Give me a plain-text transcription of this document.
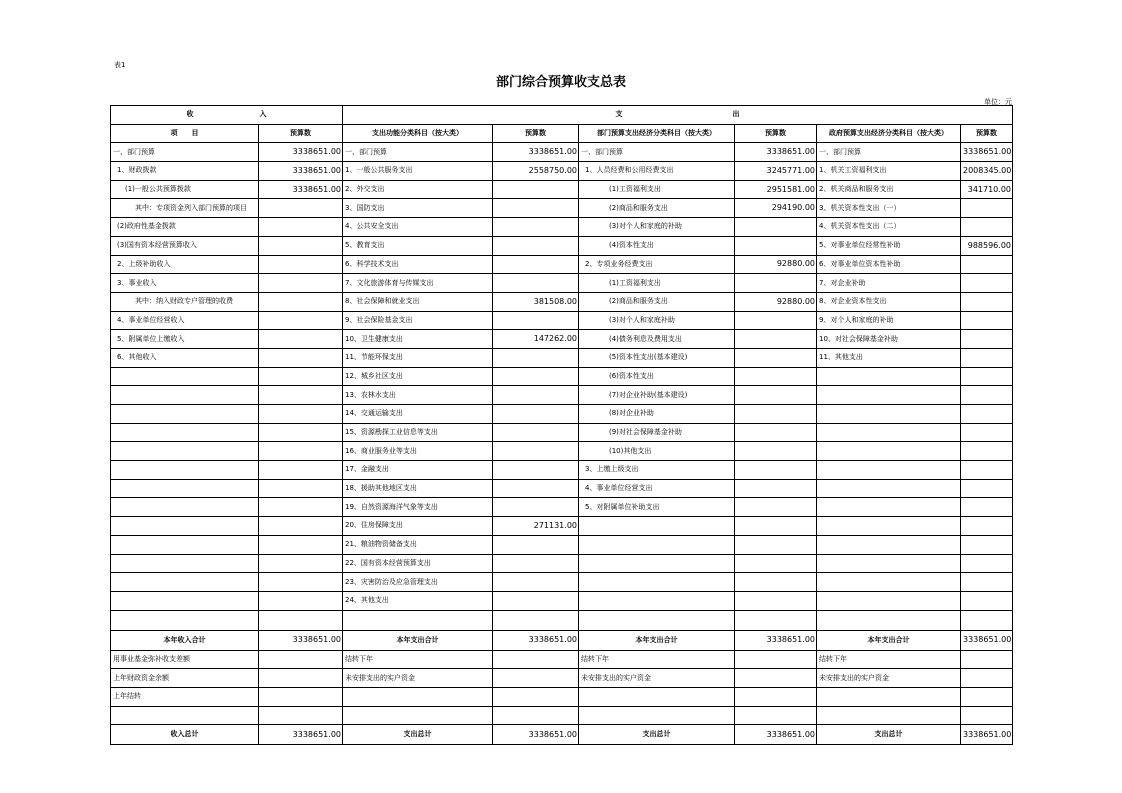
表1
部门综合预算收支总表
单位：元
收 入		支 出					
项　　目	预算数	支出功能分类科目（按大类）	预算数	部门预算支出经济分类科目（按大类）	预算数	政府预算支出经济分类科目（按大类）	预算数
一、部门预算	3338651.00	一、部门预算	3338651.00	一、部门预算	3338651.00	一、部门预算	3338651.00
1、财政拨款	3338651.00	1、一般公共服务支出	2558750.00	1、人员经费和公用经费支出	3245771.00	1、机关工资福利支出	2008345.00
(1)一般公共预算拨款	3338651.00	2、外交支出		(1)工资福利支出	2951581.00	2、机关商品和服务支出	341710.00
其中：专项资金列入部门预算的项目		3、国防支出		(2)商品和服务支出	294190.00	3、机关资本性支出（一）	
(2)政府性基金拨款		4、公共安全支出		(3)对个人和家庭的补助		4、机关资本性支出（二）	
(3)国有资本经营预算收入		5、教育支出		(4)资本性支出		5、对事业单位经常性补助	988596.00
2、上级补助收入		6、科学技术支出		2、专项业务经费支出	92880.00	6、对事业单位资本性补助	
3、事业收入		7、文化旅游体育与传媒支出		(1)工资福利支出		7、对企业补助	
其中：纳入财政专户管理的收费		8、社会保障和就业支出	381508.00	(2)商品和服务支出	92880.00	8、对企业资本性支出	
4、事业单位经营收入		9、社会保险基金支出		(3)对个人和家庭补助		9、对个人和家庭的补助	
5、附属单位上缴收入		10、卫生健康支出	147262.00	(4)债务利息及费用支出		10、对社会保障基金补助	
6、其他收入		11、节能环保支出		(5)资本性支出(基本建设)		11、其他支出	
		12、城乡社区支出		(6)资本性支出			
		13、农林水支出		(7)对企业补助(基本建设)			
		14、交通运输支出		(8)对企业补助			
		15、资源勘探工业信息等支出		(9)对社会保障基金补助			
		16、商业服务业等支出		(10)其他支出			
		17、金融支出		3、上缴上级支出			
		18、援助其他地区支出		4、事业单位经营支出			
		19、自然资源海洋气象等支出		5、对附属单位补助支出			
		20、住房保障支出	271131.00				
		21、粮油物资储备支出					
		22、国有资本经营预算支出					
		23、灾害防治及应急管理支出					
		24、其他支出					

本年收入合计	3338651.00	本年支出合计	3338651.00	本年支出合计	3338651.00	本年支出合计	3338651.00
用事业基金弥补收支差额		结转下年		结转下年		结转下年	
上年财政资金余额		未安排支出的实户资金		未安排支出的实户资金		未安排支出的实户资金	
上年结转							

收入总计	3338651.00	支出总计	3338651.00	支出总计	3338651.00	支出总计	3338651.00
